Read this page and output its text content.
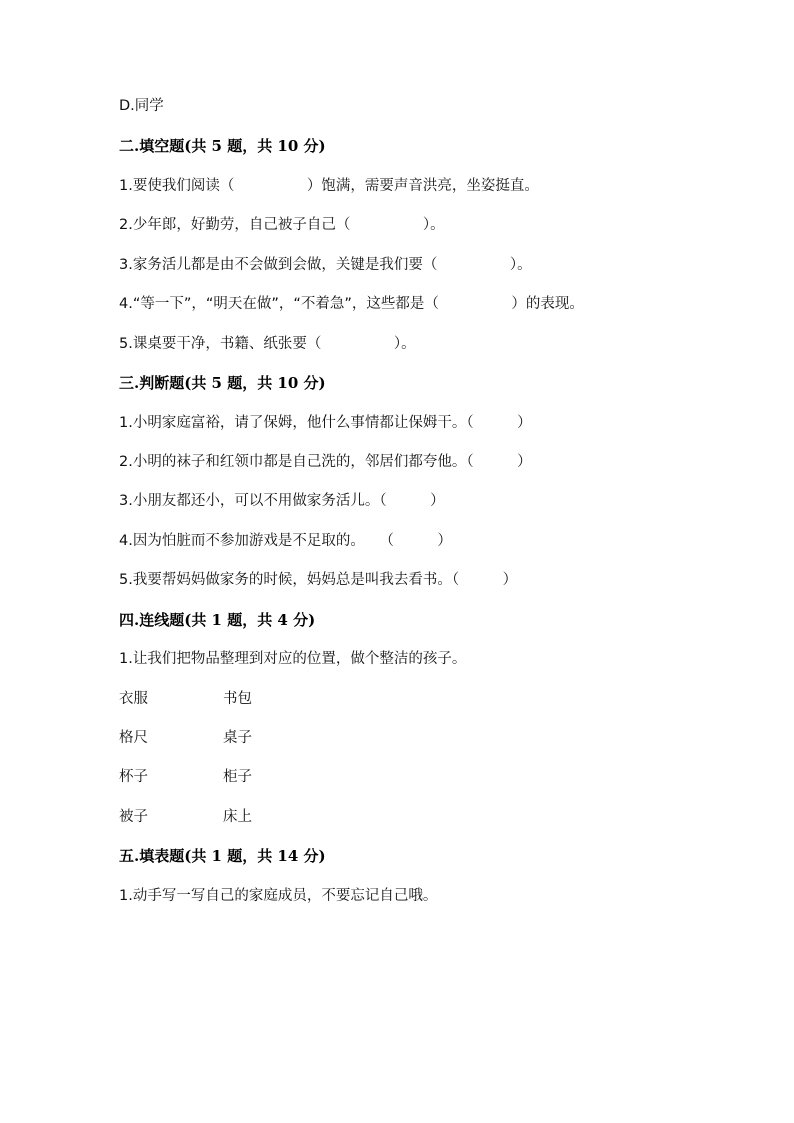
D.同学
二.填空题(共 5 题，共 10 分)
1.要使我们阅读（　　　　　）饱满，需要声音洪亮，坐姿挺直。
2.少年郎，好勤劳，自己被子自己（　　　　　）。
3.家务活儿都是由不会做到会做，关键是我们要（　　　　　）。
4.“等一下”，“明天在做”，“不着急”，这些都是（　　　　　）的表现。
5.课桌要干净，书籍、纸张要（　　　　　）。
三.判断题(共 5 题，共 10 分)
1.小明家庭富裕，请了保姆，他什么事情都让保姆干。（　　　）
2.小明的袜子和红领巾都是自己洗的，邻居们都夸他。（　　　）
3.小朋友都还小，可以不用做家务活儿。（　　　）
4.因为怕脏而不参加游戏是不足取的。　　（　　　）
5.我要帮妈妈做家务的时候，妈妈总是叫我去看书。（　　　）
四.连线题(共 1 题，共 4 分)
1.让我们把物品整理到对应的位置，做个整洁的孩子。
衣服	书包
格尺	桌子
杯子	柜子
被子	床上
五.填表题(共 1 题，共 14 分)
1.动手写一写自己的家庭成员，不要忘记自己哦。
